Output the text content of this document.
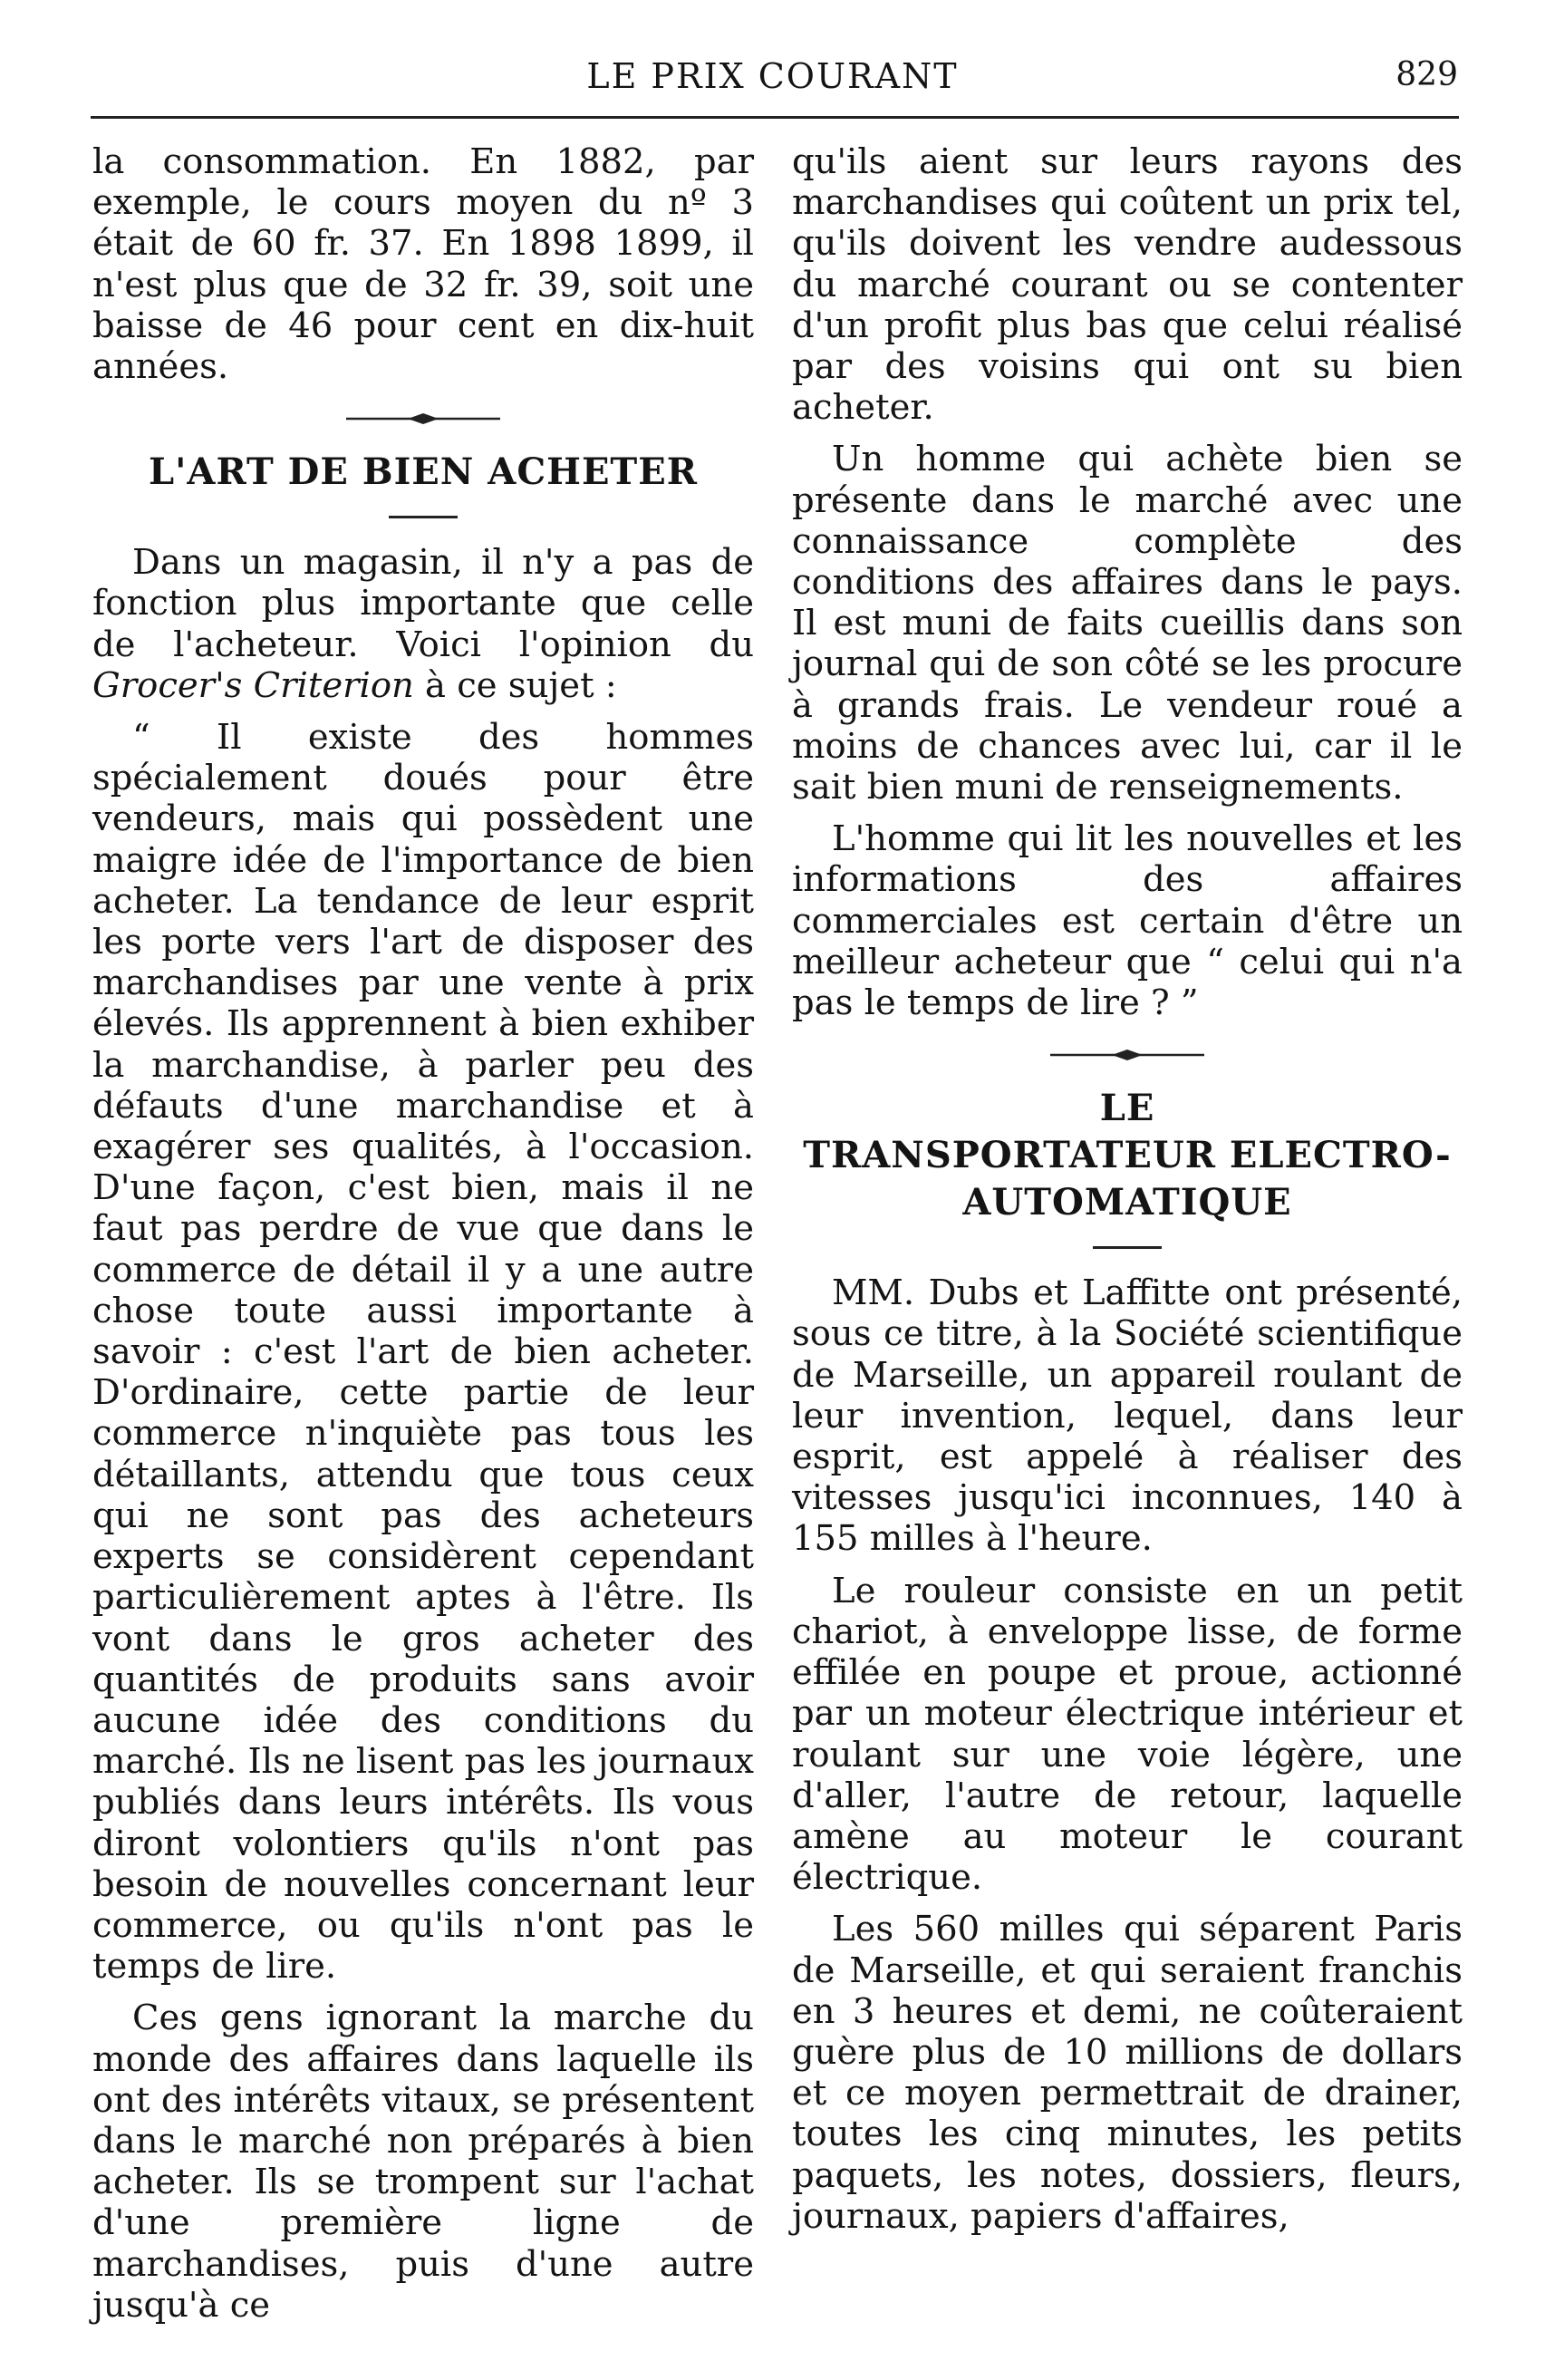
LE PRIX COURANT	829

la consommation. En 1882, par exemple, le cours moyen du nº 3 était de 60 fr. 37. En 1898 1899, il n'est plus que de 32 fr. 39, soit une baisse de 46 pour cent en dix-huit années.

L'ART DE BIEN ACHETER

Dans un magasin, il n'y a pas de fonction plus importante que celle de l'acheteur. Voici l'opinion du Grocer's Criterion à ce sujet :

“ Il existe des hommes spécialement doués pour être vendeurs, mais qui possèdent une maigre idée de l'importance de bien acheter. La tendance de leur esprit les porte vers l'art de disposer des marchandises par une vente à prix élevés. Ils apprennent à bien exhiber la marchandise, à parler peu des défauts d'une marchandise et à exagérer ses qualités, à l'occasion. D'une façon, c'est bien, mais il ne faut pas perdre de vue que dans le commerce de détail il y a une autre chose toute aussi importante à savoir : c'est l'art de bien acheter. D'ordinaire, cette partie de leur commerce n'inquiète pas tous les détaillants, attendu que tous ceux qui ne sont pas des acheteurs experts se considèrent cependant particulièrement aptes à l'être. Ils vont dans le gros acheter des quantités de produits sans avoir aucune idée des conditions du marché. Ils ne lisent pas les journaux publiés dans leurs intérêts. Ils vous diront volontiers qu'ils n'ont pas besoin de nouvelles concernant leur commerce, ou qu'ils n'ont pas le temps de lire.

Ces gens ignorant la marche du monde des affaires dans laquelle ils ont des intérêts vitaux, se présentent dans le marché non préparés à bien acheter. Ils se trompent sur l'achat d'une première ligne de marchandises, puis d'une autre jusqu'à ce

qu'ils aient sur leurs rayons des marchandises qui coûtent un prix tel, qu'ils doivent les vendre audessous du marché courant ou se contenter d'un profit plus bas que celui réalisé par des voisins qui ont su bien acheter.

Un homme qui achète bien se présente dans le marché avec une connaissance complète des conditions des affaires dans le pays. Il est muni de faits cueillis dans son journal qui de son côté se les procure à grands frais. Le vendeur roué a moins de chances avec lui, car il le sait bien muni de renseignements.

L'homme qui lit les nouvelles et les informations des affaires commerciales est certain d'être un meilleur acheteur que “ celui qui n'a pas le temps de lire ? ”

LE
TRANSPORTATEUR ELECTRO-
AUTOMATIQUE

MM. Dubs et Laffitte ont présenté, sous ce titre, à la Société scientifique de Marseille, un appareil roulant de leur invention, lequel, dans leur esprit, est appelé à réaliser des vitesses jusqu'ici inconnues, 140 à 155 milles à l'heure.

Le rouleur consiste en un petit chariot, à enveloppe lisse, de forme effilée en poupe et proue, actionné par un moteur électrique intérieur et roulant sur une voie légère, une d'aller, l'autre de retour, laquelle amène au moteur le courant électrique.

Les 560 milles qui séparent Paris de Marseille, et qui seraient franchis en 3 heures et demi, ne coûteraient guère plus de 10 millions de dollars et ce moyen permettrait de drainer, toutes les cinq minutes, les petits paquets, les notes, dossiers, fleurs, journaux, papiers d'affaires,
